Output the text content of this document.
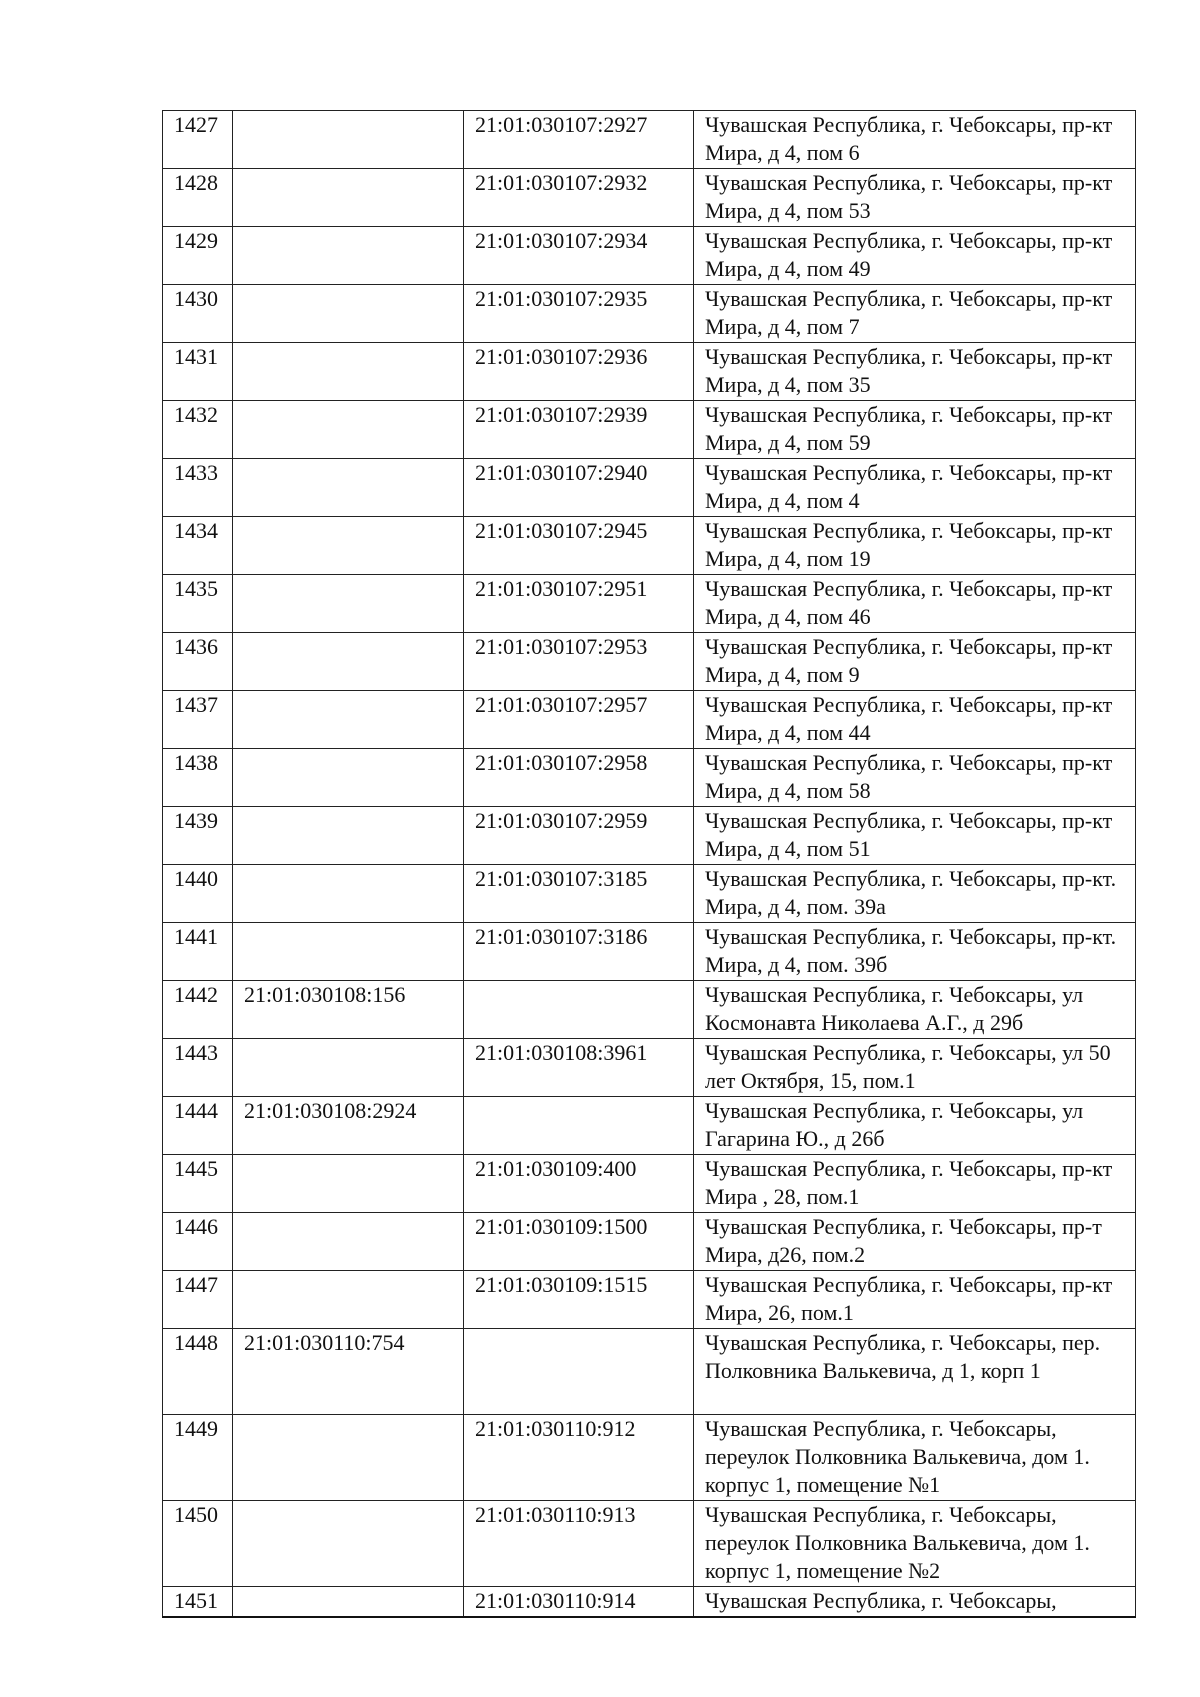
1427		21:01:030107:2927	Чувашская Республика, г. Чебоксары, пр-кт Мира, д 4, пом 6
1428		21:01:030107:2932	Чувашская Республика, г. Чебоксары, пр-кт Мира, д 4, пом 53
1429		21:01:030107:2934	Чувашская Республика, г. Чебоксары, пр-кт Мира, д 4, пом 49
1430		21:01:030107:2935	Чувашская Республика, г. Чебоксары, пр-кт Мира, д 4, пом 7
1431		21:01:030107:2936	Чувашская Республика, г. Чебоксары, пр-кт Мира, д 4, пом 35
1432		21:01:030107:2939	Чувашская Республика, г. Чебоксары, пр-кт Мира, д 4, пом 59
1433		21:01:030107:2940	Чувашская Республика, г. Чебоксары, пр-кт Мира, д 4, пом 4
1434		21:01:030107:2945	Чувашская Республика, г. Чебоксары, пр-кт Мира, д 4, пом 19
1435		21:01:030107:2951	Чувашская Республика, г. Чебоксары, пр-кт Мира, д 4, пом 46
1436		21:01:030107:2953	Чувашская Республика, г. Чебоксары, пр-кт Мира, д 4, пом 9
1437		21:01:030107:2957	Чувашская Республика, г. Чебоксары, пр-кт Мира, д 4, пом 44
1438		21:01:030107:2958	Чувашская Республика, г. Чебоксары, пр-кт Мира, д 4, пом 58
1439		21:01:030107:2959	Чувашская Республика, г. Чебоксары, пр-кт Мира, д 4, пом 51
1440		21:01:030107:3185	Чувашская Республика, г. Чебоксары, пр-кт. Мира, д 4, пом. 39а
1441		21:01:030107:3186	Чувашская Республика, г. Чебоксары, пр-кт. Мира, д 4, пом. 39б
1442	21:01:030108:156		Чувашская Республика, г. Чебоксары, ул Космонавта Николаева А.Г., д 29б
1443		21:01:030108:3961	Чувашская Республика, г. Чебоксары, ул 50 лет Октября, 15, пом.1
1444	21:01:030108:2924		Чувашская Республика, г. Чебоксары, ул Гагарина Ю., д 26б
1445		21:01:030109:400	Чувашская Республика, г. Чебоксары, пр-кт Мира , 28, пом.1
1446		21:01:030109:1500	Чувашская Республика, г. Чебоксары, пр-т Мира, д26, пом.2
1447		21:01:030109:1515	Чувашская Республика, г. Чебоксары, пр-кт Мира, 26, пом.1
1448	21:01:030110:754		Чувашская Республика, г. Чебоксары, пер. Полковника Валькевича, д 1, корп 1
1449		21:01:030110:912	Чувашская Республика, г. Чебоксары, переулок Полковника Валькевича, дом 1. корпус 1, помещение №1
1450		21:01:030110:913	Чувашская Республика, г. Чебоксары, переулок Полковника Валькевича, дом 1. корпус 1, помещение №2
1451		21:01:030110:914	Чувашская Республика, г. Чебоксары,
